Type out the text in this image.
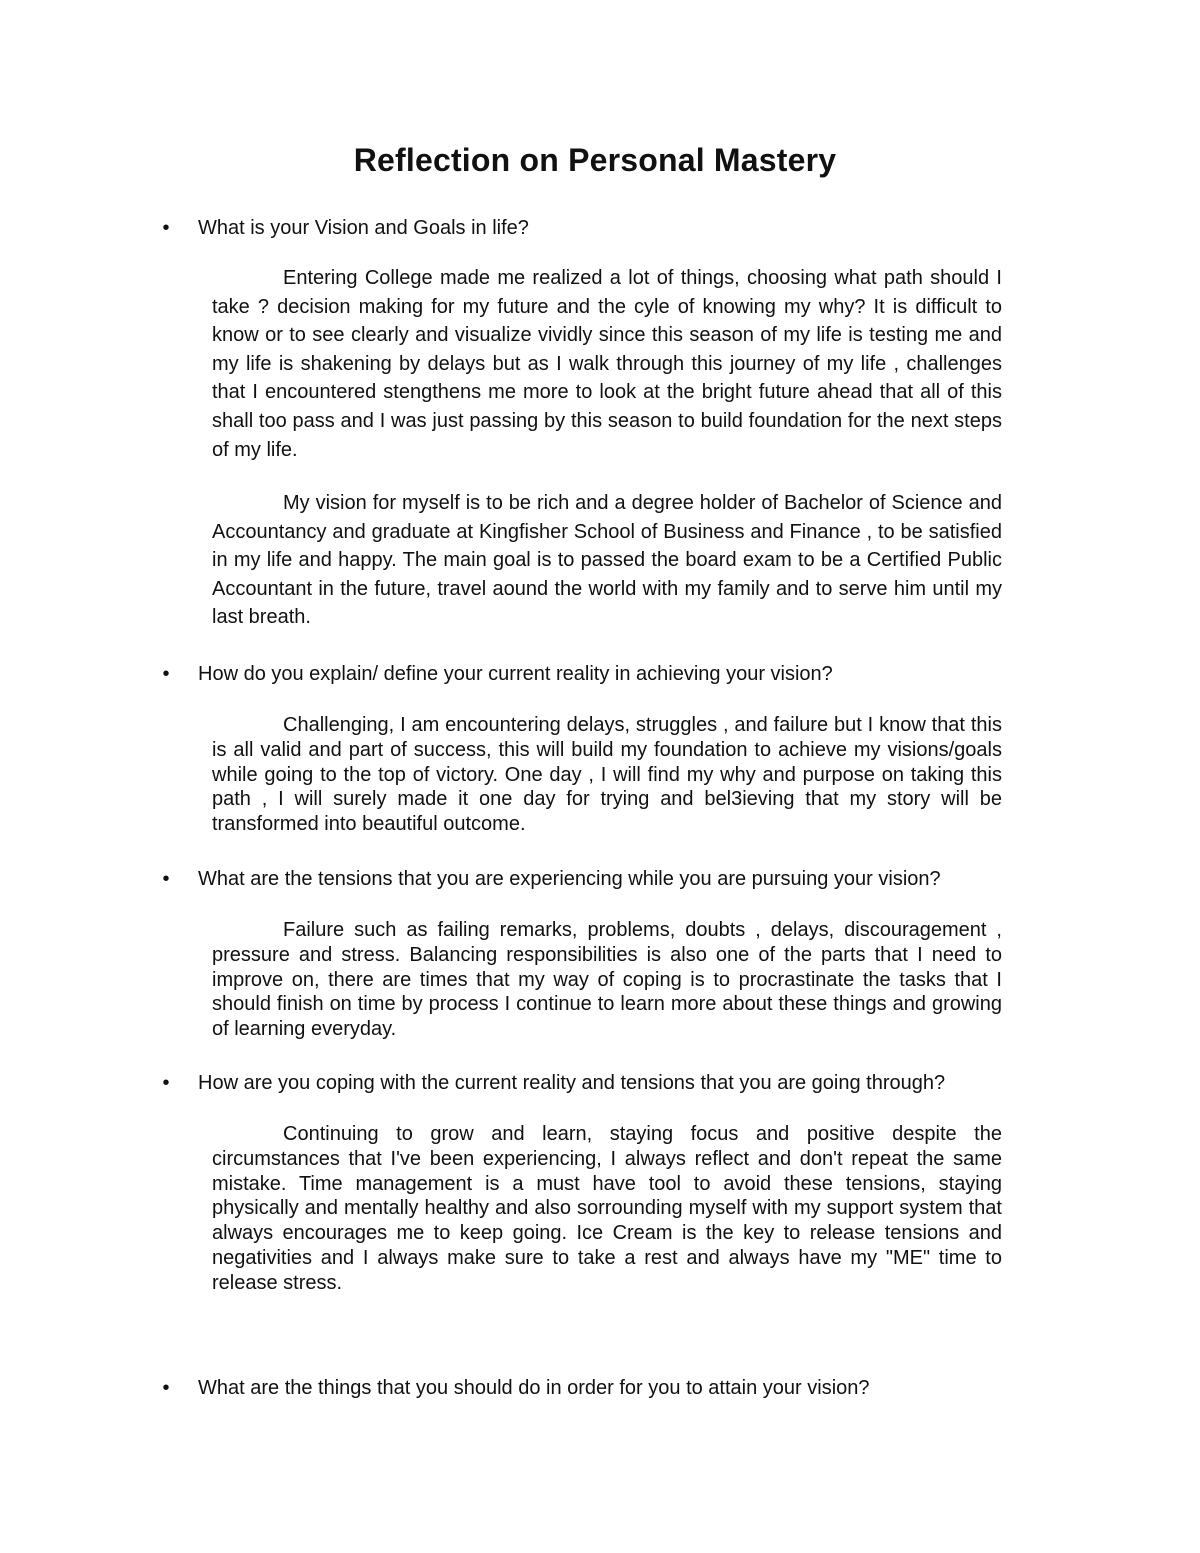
Reflection on Personal Mastery
• What is your Vision and Goals in life?

Entering College made me realized a lot of things, choosing what path should I take ? decision making for my future and the cyle of knowing my why? It is difficult to know or to see clearly and visualize vividly since this season of my life is testing me and my life is shakening by delays but as I walk through this journey of my life , challenges that I encountered stengthens me more to look at the bright future ahead that all of this shall too pass and I was just passing by this season to build foundation for the next steps of my life.

My vision for myself is to be rich and a degree holder of Bachelor of Science and Accountancy and graduate at Kingfisher School of Business and Finance , to be satisfied in my life and happy. The main goal is to passed the board exam to be a Certified Public Accountant in the future, travel aound the world with my family and to serve him until my last breath.

• How do you explain/ define your current reality in achieving your vision?

Challenging, I am encountering delays, struggles , and failure but I know that this is all valid and part of success, this will build my foundation to achieve my visions/goals while going to the top of victory. One day , I will find my why and purpose on taking this path , I will surely made it one day for trying and bel3ieving that my story will be transformed into beautiful outcome.

• What are the tensions that you are experiencing while you are pursuing your vision?

Failure such as failing remarks, problems, doubts , delays, discouragement , pressure and stress. Balancing responsibilities is also one of the parts that I need to improve on, there are times that my way of coping is to procrastinate the tasks that I should finish on time by process I continue to learn more about these things and growing of learning everyday.

• How are you coping with the current reality and tensions that you are going through?

Continuing to grow and learn, staying focus and positive despite the circumstances that I've been experiencing, I always reflect and don't repeat the same mistake. Time management is a must have tool to avoid these tensions, staying physically and mentally healthy and also sorrounding myself with my support system that always encourages me to keep going. Ice Cream is the key to release tensions and negativities and I always make sure to take a rest and always have my "ME" time to release stress.

• What are the things that you should do in order for you to attain your vision?
